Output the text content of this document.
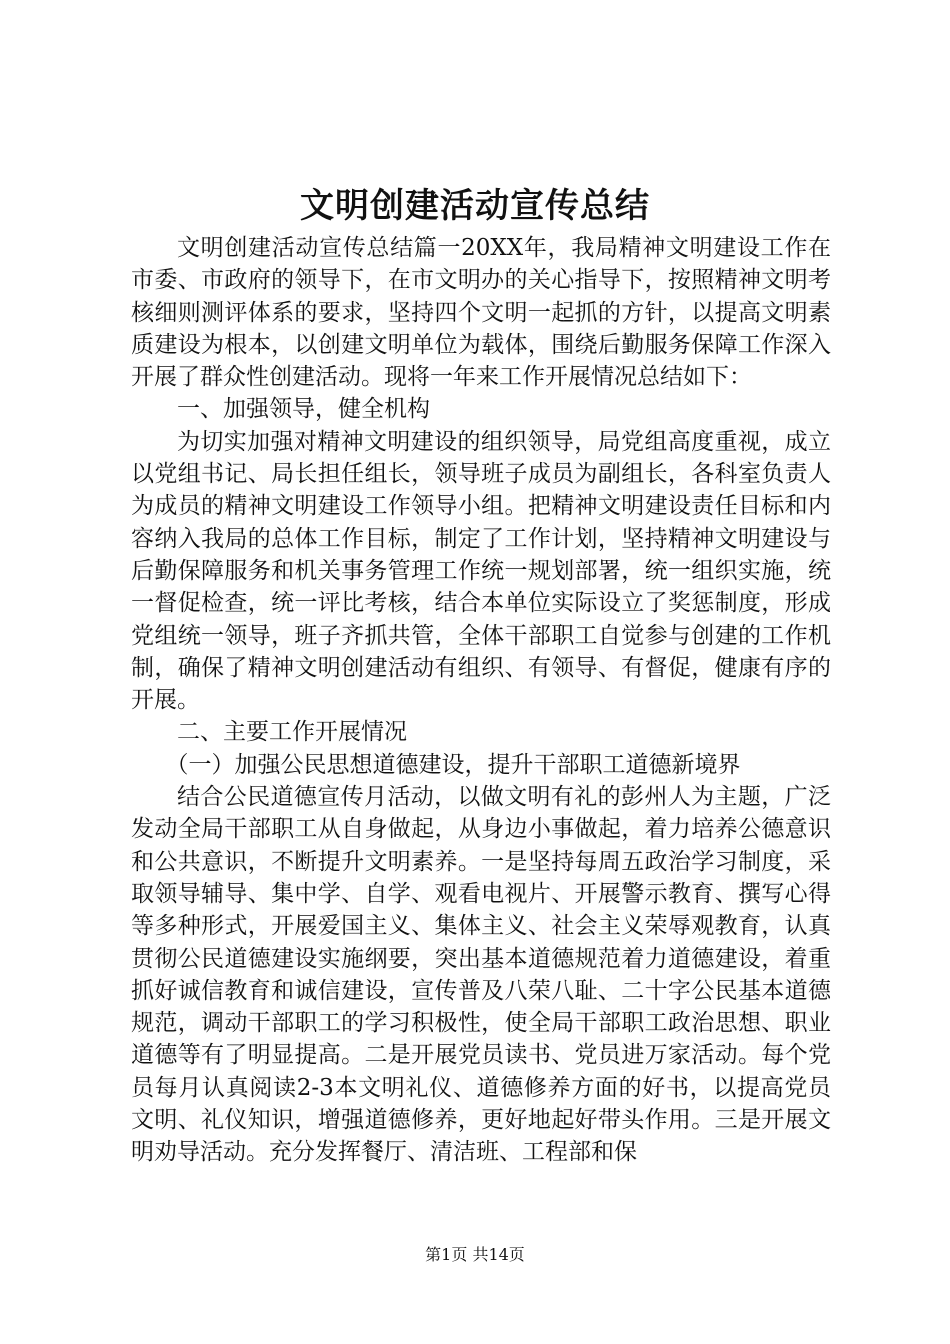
文明创建活动宣传总结

文明创建活动宣传总结篇一20XX年，我局精神文明建设工作在市委、市政府的领导下，在市文明办的关心指导下，按照精神文明考核细则测评体系的要求，坚持四个文明一起抓的方针，以提高文明素质建设为根本，以创建文明单位为载体，围绕后勤服务保障工作深入开展了群众性创建活动。现将一年来工作开展情况总结如下：

一、加强领导，健全机构

为切实加强对精神文明建设的组织领导，局党组高度重视，成立以党组书记、局长担任组长，领导班子成员为副组长，各科室负责人为成员的精神文明建设工作领导小组。把精神文明建设责任目标和内容纳入我局的总体工作目标，制定了工作计划，坚持精神文明建设与后勤保障服务和机关事务管理工作统一规划部署，统一组织实施，统一督促检查，统一评比考核，结合本单位实际设立了奖惩制度，形成党组统一领导，班子齐抓共管，全体干部职工自觉参与创建的工作机制，确保了精神文明创建活动有组织、有领导、有督促，健康有序的开展。

二、主要工作开展情况

（一）加强公民思想道德建设，提升干部职工道德新境界

结合公民道德宣传月活动，以做文明有礼的彭州人为主题，广泛发动全局干部职工从自身做起，从身边小事做起，着力培养公德意识和公共意识，不断提升文明素养。一是坚持每周五政治学习制度，采取领导辅导、集中学、自学、观看电视片、开展警示教育、撰写心得等多种形式，开展爱国主义、集体主义、社会主义荣辱观教育，认真贯彻公民道德建设实施纲要，突出基本道德规范着力道德建设，着重抓好诚信教育和诚信建设，宣传普及八荣八耻、二十字公民基本道德规范，调动干部职工的学习积极性，使全局干部职工政治思想、职业道德等有了明显提高。二是开展党员读书、党员进万家活动。每个党员每月认真阅读2-3本文明礼仪、道德修养方面的好书，以提高党员文明、礼仪知识，增强道德修养，更好地起好带头作用。三是开展文明劝导活动。充分发挥餐厅、清洁班、工程部和保

第1页 共14页
